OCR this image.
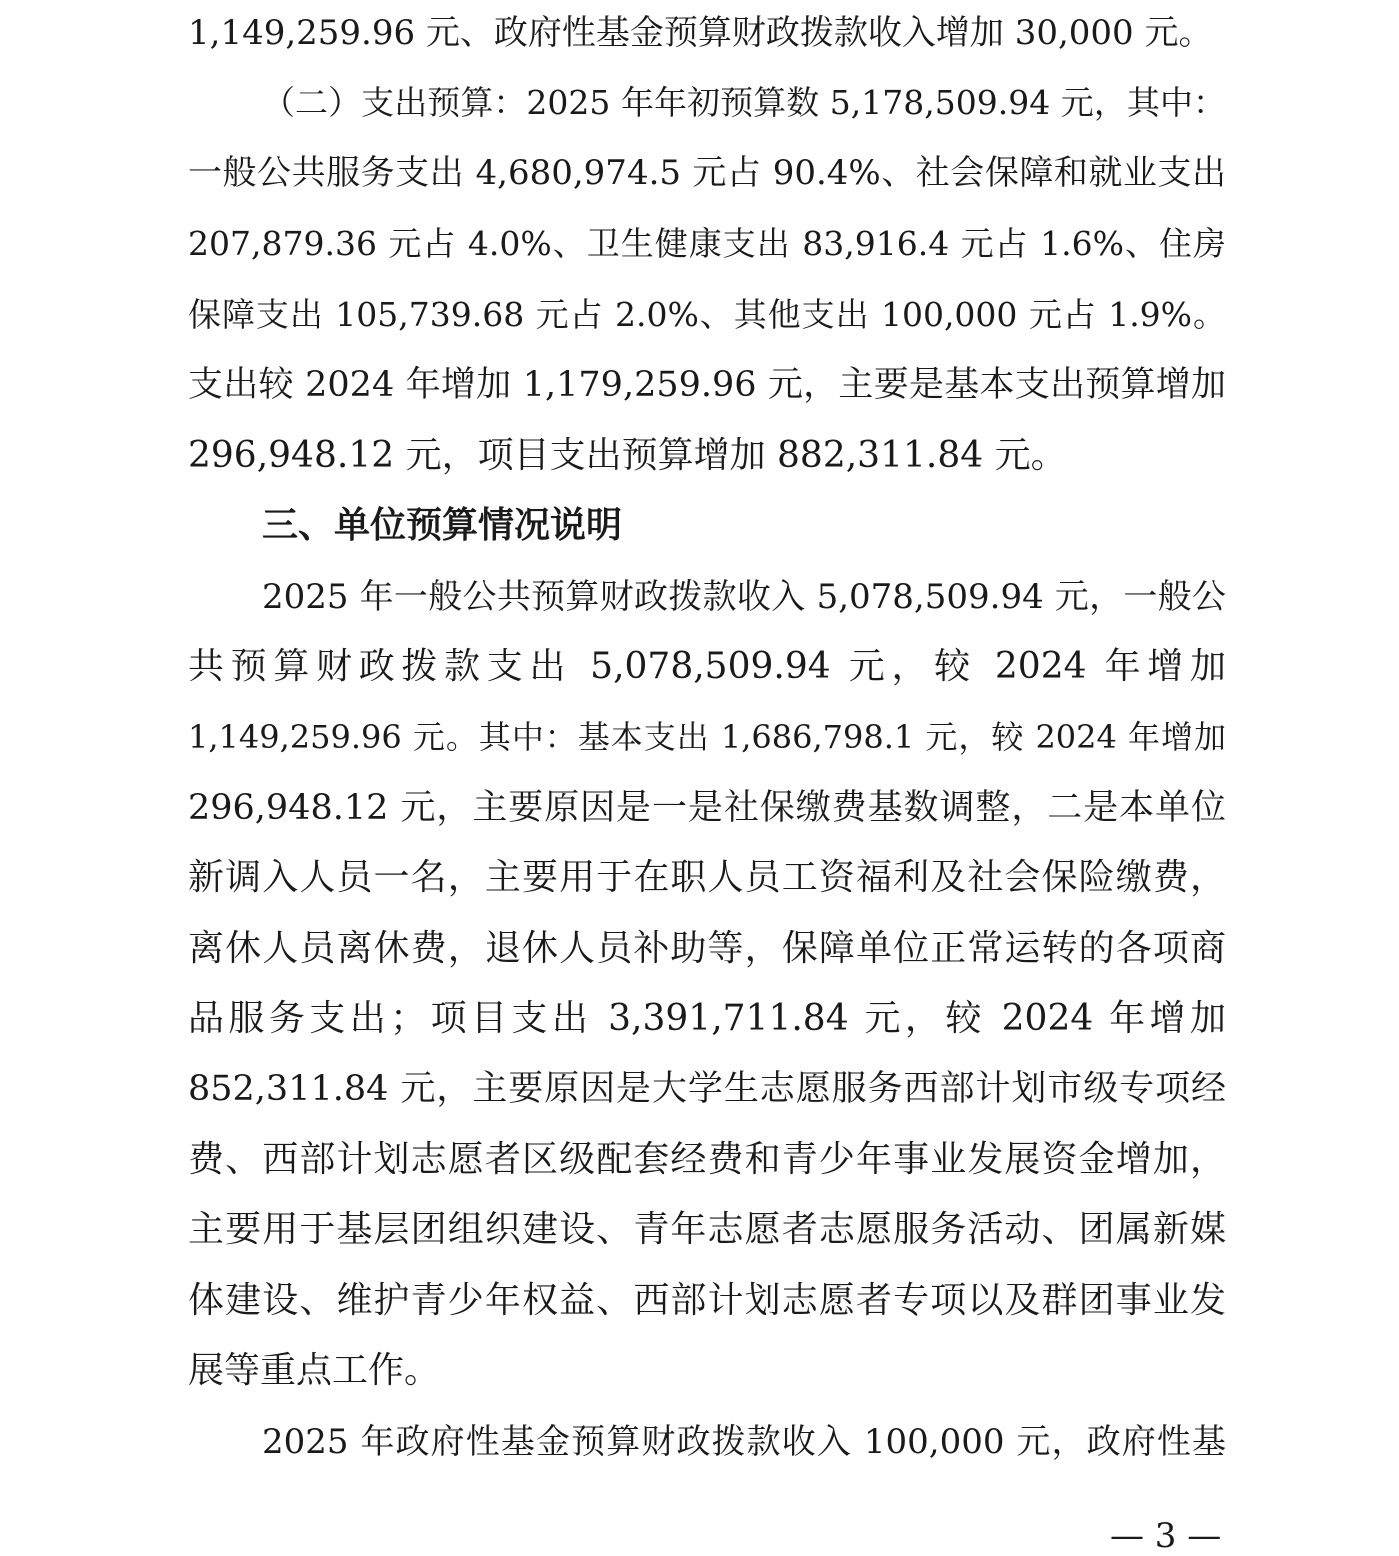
1,149,259.96 元、政府性基金预算财政拨款收入增加 30,000 元。
（二）支出预算：2025 年年初预算数 5,178,509.94 元，其中：
一般公共服务支出 4,680,974.5 元占 90.4%、社会保障和就业支出
207,879.36 元占 4.0%、卫生健康支出 83,916.4 元占 1.6%、住房
保障支出 105,739.68 元占 2.0%、其他支出 100,000 元占 1.9%。
支出较 2024 年增加 1,179,259.96 元，主要是基本支出预算增加
296,948.12 元，项目支出预算增加 882,311.84 元。
三、单位预算情况说明
2025 年一般公共预算财政拨款收入 5,078,509.94 元，一般公
共预算财政拨款支出 5,078,509.94 元，较 2024 年增加
1,149,259.96 元。其中：基本支出 1,686,798.1 元，较 2024 年增加
296,948.12 元，主要原因是一是社保缴费基数调整，二是本单位
新调入人员一名，主要用于在职人员工资福利及社会保险缴费，
离休人员离休费，退休人员补助等，保障单位正常运转的各项商
品服务支出；项目支出 3,391,711.84 元，较 2024 年增加
852,311.84 元，主要原因是大学生志愿服务西部计划市级专项经
费、西部计划志愿者区级配套经费和青少年事业发展资金增加，
主要用于基层团组织建设、青年志愿者志愿服务活动、团属新媒
体建设、维护青少年权益、西部计划志愿者专项以及群团事业发
展等重点工作。
2025 年政府性基金预算财政拨款收入 100,000 元，政府性基
— 3 —
